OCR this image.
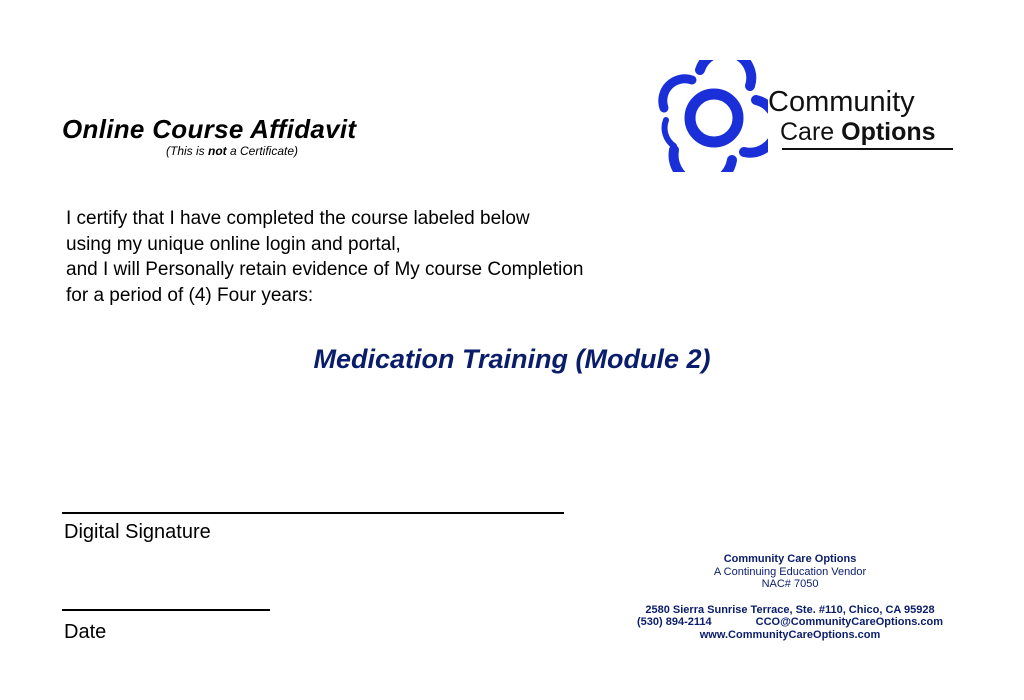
Online Course Affidavit
(This is not a Certificate)
Community
Care Options
I certify that I have completed the course labeled below
using my unique online login and portal,
and I will Personally retain evidence of My course Completion
for a period of (4) Four years:
Medication Training (Module 2)
Digital Signature
Date
Community Care Options
A Continuing Education Vendor
NAC# 7050
2580 Sierra Sunrise Terrace, Ste. #110, Chico, CA 95928
(530) 894-2114	CCO@CommunityCareOptions.com
www.CommunityCareOptions.com
